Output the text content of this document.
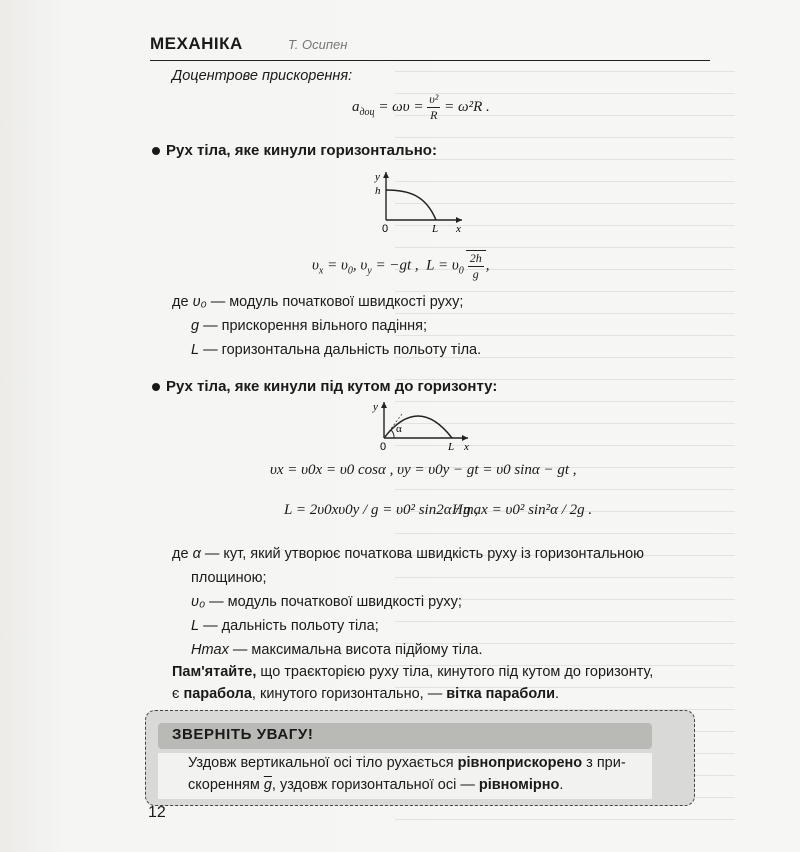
МЕХАНІКА	Т. Осипен
Доцентрове прискорення:
$a_{доц} = \omega\upsilon = \frac{\text{υ²}}{R} = \omega^2R$ .
Рух тіла, яке кинули горизонтально:
y
h
0	L x
$\upsilon_x = \upsilon_0$, $\upsilon_y = -gt$ , $L = \upsilon_0 \frac{2h}{g}$ ,
де υ₀ — модуль початкової швидкості руху;
g — прискорення вільного падіння;
L — горизонтальна дальність польоту тіла.
Рух тіла, яке кинули під кутом до горизонту:
y
α
0	L x
υx = υ0x = υ0 cosα , υy = υ0y − gt = υ0 sinα − gt ,
L = 2υ0xυ0y / g = υ0² sin2α / g ,
Hmax = υ0² sin²α / 2g .
де α — кут, який утворює початкова швидкість руху із горизонтальною
площиною;
υ₀ — модуль початкової швидкості руху;
L — дальність польоту тіла;
Hmax — максимальна висота підйому тіла.
Пам'ятайте, що траєкторією руху тіла, кинутого під кутом до горизонту,
є парабола, кинутого горизонтально, — вітка параболи.
ЗВЕРНІТЬ УВАГУ!
Уздовж вертикальної осі тіло рухається рівноприскорено з при-
скоренням $\overline{g}$, уздовж горизонтальної осі — рівномірно.
12
